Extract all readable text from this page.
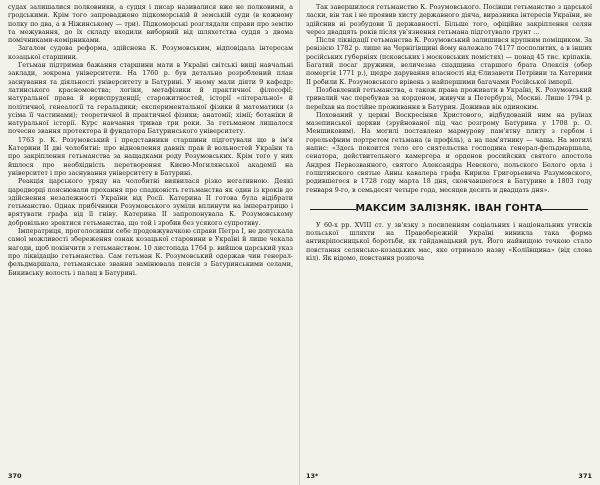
судах залишалися полковники, а судця і писар називалися вже не полковими, а гродськими. Крім того запроваджено підкоморській й земській суди (в кожному полку по два, а в Ніжинському — три). Підкоморські розглядали справи про землю та межування, до їх складу входили виборний від шляхетства суддя з двома помічниками-комірниками.

Загалом судова реформа, здійснена К. Розумовським, відповідала інтересам козацької старшини.

Гетьман підтримав бажання старшини мати в Україні світські вищі навчальні заклади, зокрема університети. На 1760 р. був детально розроблений план заснування та діяльності університету в Батурині. У ньому мали діяти 9 кафедр: латинського красномовства; логіки, метафізики й практичної філософії; натуральної права й юриспруденції; старожитностей, історії «літеральної» й політичної, генеалогії та геральдики; експериментальної фізики й математики (з усіма її частинами); теоретичної й практичної фізики; анатомії; хімії; ботаніки й натуральної історії. Курс навчання тривав три роки. За гетьманом лишалося почесне звання протектора й фундатора Батуринського університету.

1763 р. К. Розумовський і представники старшини підготували ще в ім'я Катерини ІІ дві чолобитні: про відновлення давніх прав й вольностей України та про закріплення гетьманства за нащадками роду Розумовських. Крім того у них йшлося про необхідність перетворення Києво-Могилянської академії на університет і про заснування університету в Батурині.

Реакція царського уряду на чолобитні виявилася різко негативною. Деякі царедворці пояснювали прохання про спадковість гетьманства як один із кроків до здійснення незалежності України від Росії. Катерина ІІ готова була відібрати гетьманство. Однак прибічники Розумовського зуміли вплинути на імператрицю і врятувати графа від її гніву. Катерина ІІ запропонувала К. Розумовському добровільно зректися гетьманства, що той і зробив без усякого супротиву.

Імператриця, проголосивши себе продовжувачкою справи Петра І, не допускала самої можливості збереження ознак козацької старовини в Україні й лише чекала нагоди, щоб покінчити з гетьманством. 10 листопада 1764 р. вийшов царський указ про ліквідацію гетьманства. Сам гетьман К. Розумовський одержав чин генерал-фельдмаршала, гетьманське звання замінювала пенсія з Батуринськими селами, Бикивську волость і палац в Батурині.

370

Так завершилося гетьманство К. Розумовського. Посівши гетьманство з царської ласки, він так і не проявив хисту державного діяча, виразника інтересів України, не здійснив ні розбудови її державності. Більше того, офіційне закріплення селян через двадцять років після ув'язнення гетьмана підготувало ґрунт ...

Після ліквідації гетьманства К. Розумовський залишився крупним поміщиком. За ревізією 1782 р. лише на Чернігівщині йому належало 74177 посполитих, а в інших російських губерніях (псковських і московських помістях) — понад 45 тис. кріпаків. Багатий посаг дружини, величезна спадщина старшого брата Олексія (обер помергія 1771 р.), щедре дарування власності від Єлизавети Петрівни та Катерини ІІ робили К. Розумовського врівень з найпершими багачами Російської імперії.

Позбавлений гетьманства, а також права проживати в Україні, К. Розумовський тривалий час перебував за кордоном, живучи в Петербурзі, Москві. Лише 1794 р. переїхав на постійне проживання в Батурин. Доживав вік одиноким.

Похований у церкві Воскресіння Христового, відбудованій ним на руїнах мазепинської церкви (зруйнованої під час розгрому Батурина у 1708 р. О. Меншиковим). На могилі поставлено мармурову пам'ятну плиту з гербом і горельєфним портретом гетьмана (в профіль), а на пам'ятнику — чаша. На могилі напис: «Здесь покоится тело его сиятельства господина генерал-фельдмаршала, сенатора, действительного камергера и орденов российских святого апостола Андрея Первозванного, святого Александра Невского, польского Белого орла і голштинского святые Анны кавалера графа Кирила Григорьевича Разумовского, родившегося в 1728 году марта 18 дня, скончавшегося в Батурине в 1803 году генваря 9-го, в семьдесят четыре года, месяцев десять и двадцать дня».

МАКСИМ ЗАЛІЗНЯК. ІВАН ГОНТА

У 60-х рр. XVIII ст. у зв'язку з посиленням соціальних і національних утисків польської шляхти на Правобережній Україні виникла така форма антикріпосницької боротьби, як гайдамацький рух. Його найвищою точкою стало повстання селянсько-козацьких мас, яке отримало назву «Коліївщина» (від слова кіл). Як відомо, повстання розпоча

13*	371
